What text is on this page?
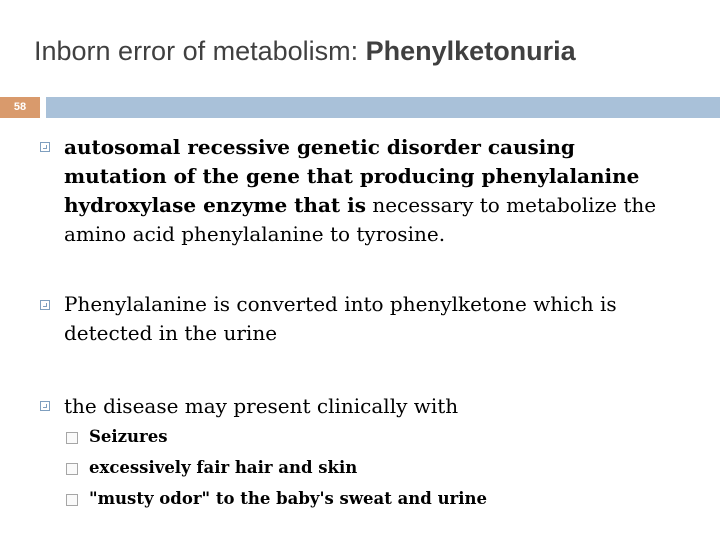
Inborn error of metabolism: Phenylketonuria
58
autosomal recessive genetic disorder causing
mutation of the gene that producing phenylalanine
hydroxylase enzyme that is necessary to metabolize the
amino acid phenylalanine to tyrosine.
Phenylalanine is converted into phenylketone which is
detected in the urine
the disease may present clinically with
Seizures
excessively fair hair and skin
"musty odor" to the baby's sweat and urine
